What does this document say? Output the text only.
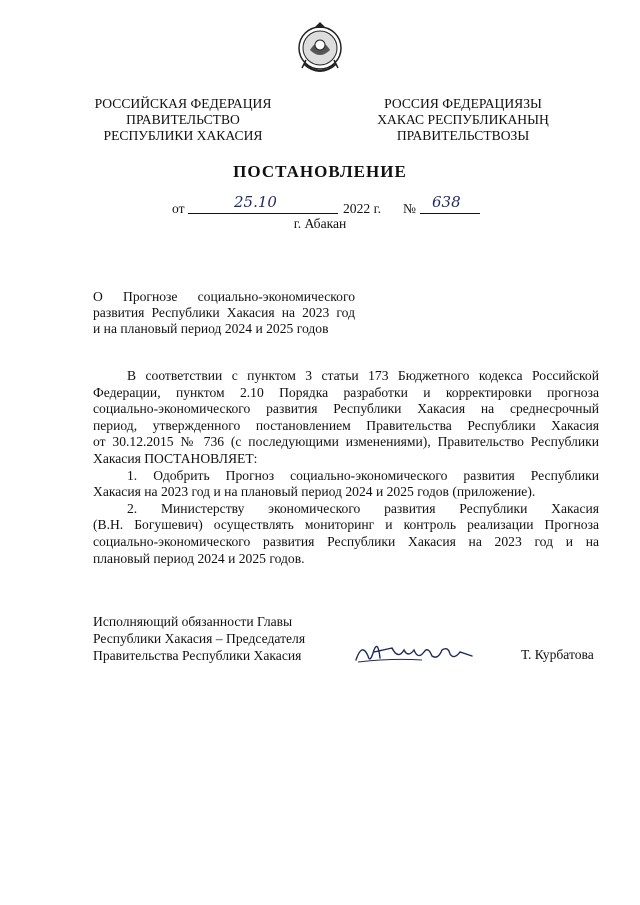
РОССИЙСКАЯ ФЕДЕРАЦИЯ
ПРАВИТЕЛЬСТВО
РЕСПУБЛИКИ ХАКАСИЯ
РОССИЯ ФЕДЕРАЦИЯЗЫ
ХАКАС РЕСПУБЛИКАНЫҢ
ПРАВИТЕЛЬСТВОЗЫ
ПОСТАНОВЛЕНИЕ
от	25.10	2022 г. № 638
г. Абакан
О Прогнозе социально-экономического
развития Республики Хакасия на 2023 год
и на плановый период 2024 и 2025 годов
В соответствии с пунктом 3 статьи 173 Бюджетного кодекса Российской
Федерации, пунктом 2.10 Порядка разработки и корректировки прогноза
социально-экономического развития Республики Хакасия на среднесрочный
период, утвержденного постановлением Правительства Республики Хакасия
от 30.12.2015 № 736 (с последующими изменениями), Правительство Республики
Хакасия ПОСТАНОВЛЯЕТ:
1. Одобрить Прогноз социально-экономического развития Республики
Хакасия на 2023 год и на плановый период 2024 и 2025 годов (приложение).
2. Министерству экономического развития Республики Хакасия
(В.Н. Богушевич) осуществлять мониторинг и контроль реализации Прогноза
социально-экономического развития Республики Хакасия на 2023 год и на
плановый период 2024 и 2025 годов.
Исполняющий обязанности Главы
Республики Хакасия – Председателя
Правительства Республики Хакасия	Т. Курбатова
